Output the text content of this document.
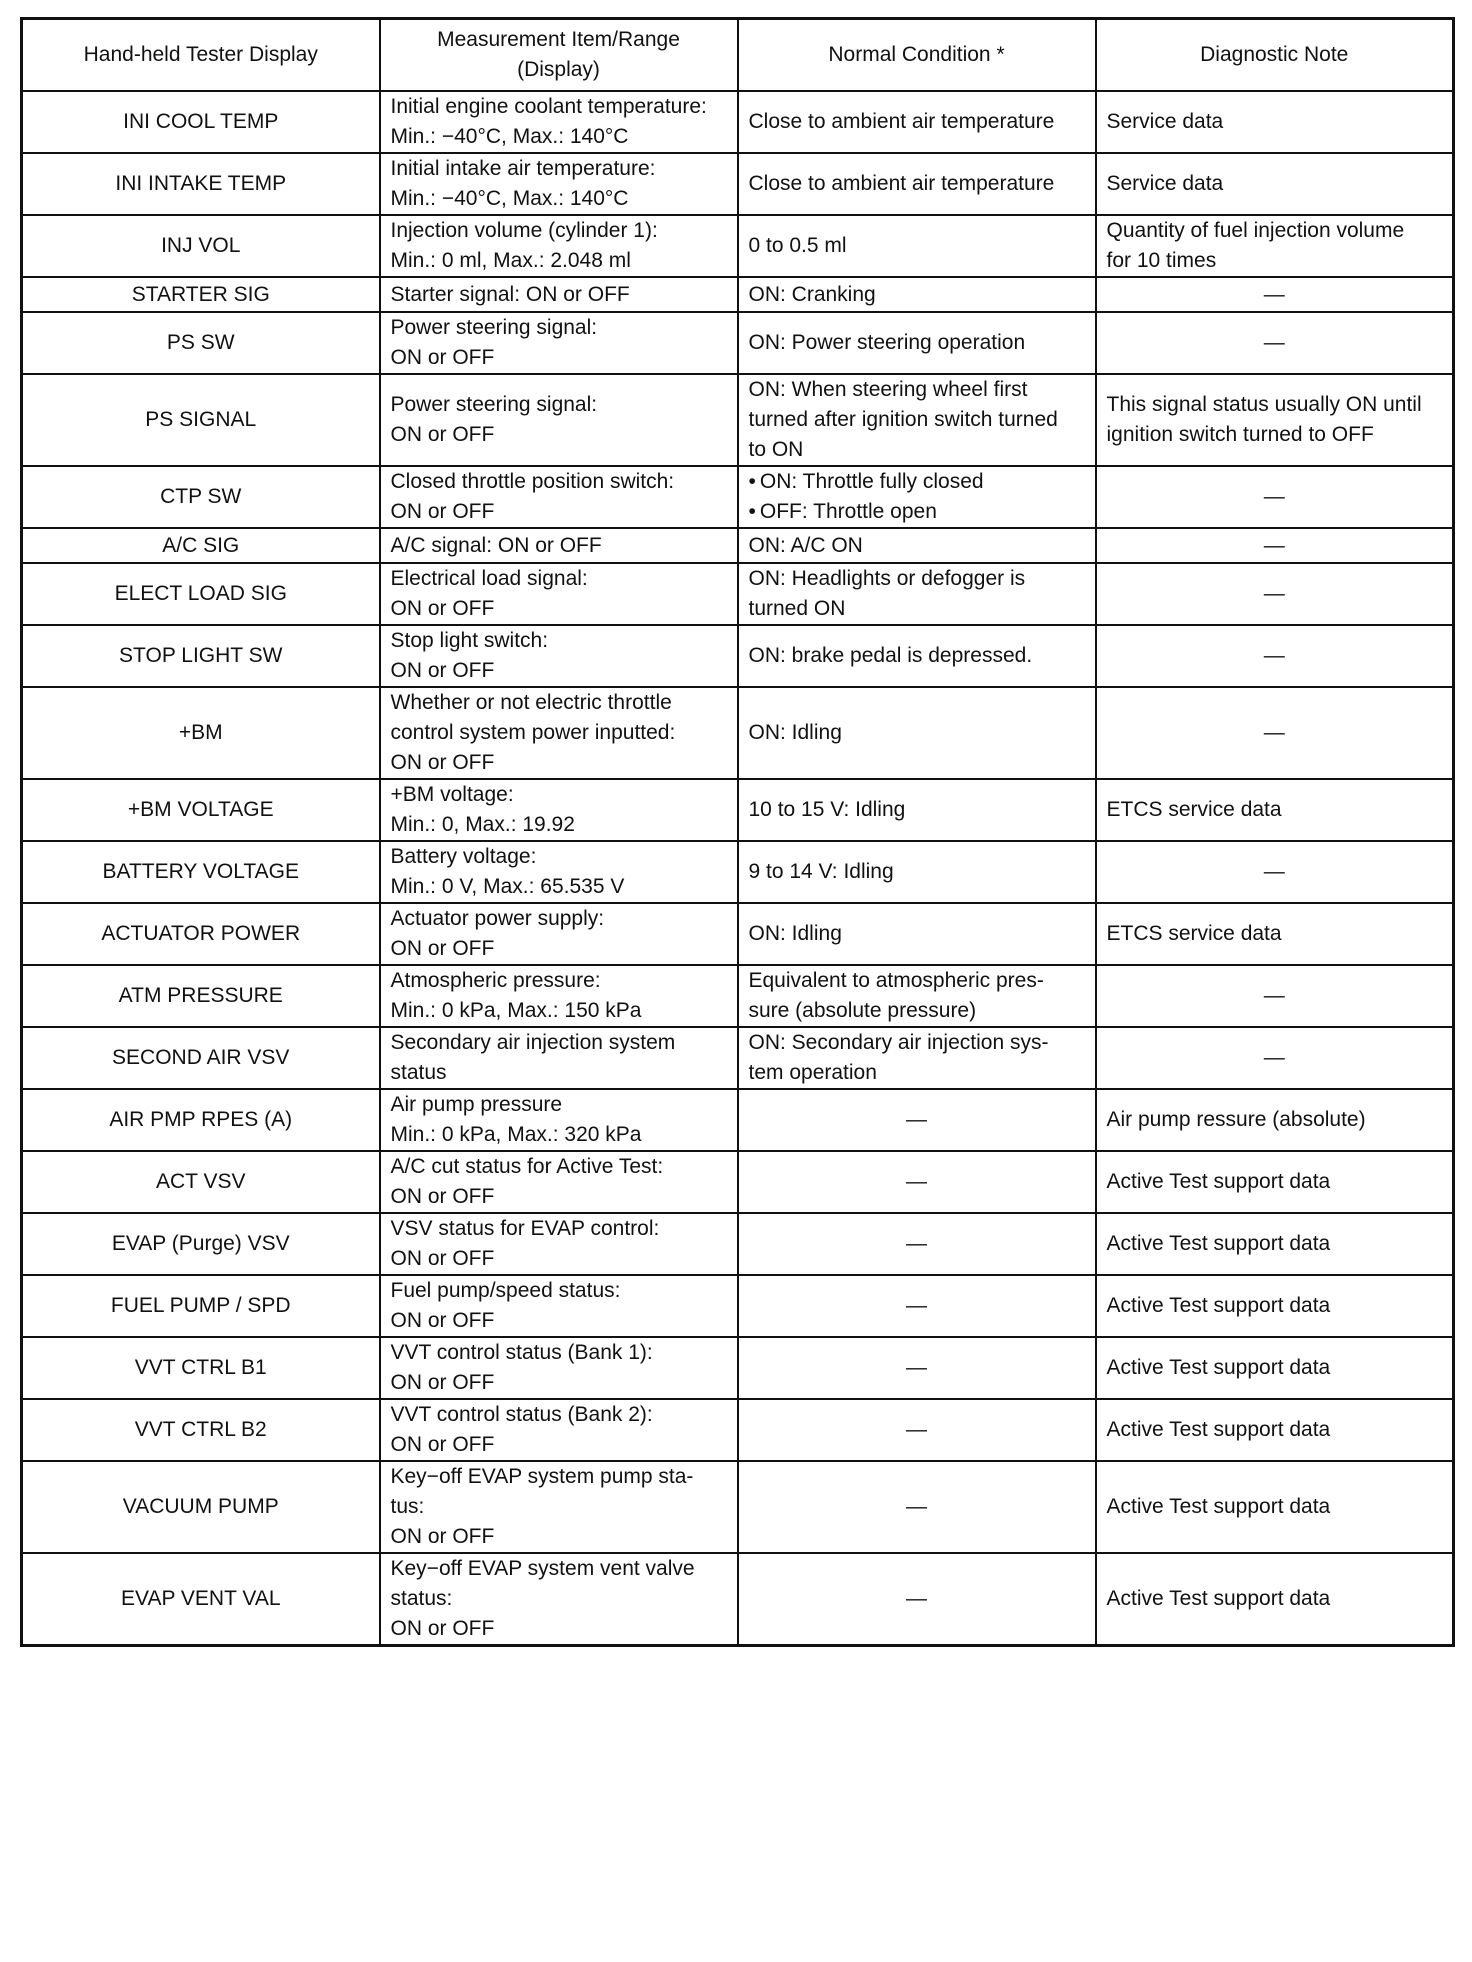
Hand-held Tester Display	Measurement Item/Range
(Display)	Normal Condition *	Diagnostic Note
INI COOL TEMP	Initial engine coolant temperature:
Min.: −40°C, Max.: 140°C	Close to ambient air temperature	Service data

INI INTAKE TEMP	Initial intake air temperature:
Min.: −40°C, Max.: 140°C	Close to ambient air temperature	Service data

INJ VOL	Injection volume (cylinder 1):
Min.: 0 ml, Max.: 2.048 ml	0 to 0.5 ml	Quantity of fuel injection volume
for 10 times

STARTER SIG	Starter signal: ON or OFF	ON: Cranking	—

PS SW	Power steering signal:
ON or OFF	ON: Power steering operation	—

PS SIGNAL	Power steering signal:
ON or OFF	ON: When steering wheel first
turned after ignition switch turned
to ON	This signal status usually ON until
ignition switch turned to OFF

CTP SW	Closed throttle position switch:
ON or OFF	• ON: Throttle fully closed
• OFF: Throttle open	—

A/C SIG	A/C signal: ON or OFF	ON: A/C ON	—

ELECT LOAD SIG	Electrical load signal:
ON or OFF	ON: Headlights or defogger is
turned ON	—

STOP LIGHT SW	Stop light switch:
ON or OFF	ON: brake pedal is depressed.	—

+BM	Whether or not electric throttle
control system power inputted:
ON or OFF	ON: Idling	—

+BM VOLTAGE	+BM voltage:
Min.: 0, Max.: 19.92	10 to 15 V: Idling	ETCS service data

BATTERY VOLTAGE	Battery voltage:
Min.: 0 V, Max.: 65.535 V	9 to 14 V: Idling	—

ACTUATOR POWER	Actuator power supply:
ON or OFF	ON: Idling	ETCS service data

ATM PRESSURE	Atmospheric pressure:
Min.: 0 kPa, Max.: 150 kPa	Equivalent to atmospheric pres-
sure (absolute pressure)	—

SECOND AIR VSV	Secondary air injection system
status	ON: Secondary air injection sys-
tem operation	—

AIR PMP RPES (A)	Air pump pressure
Min.: 0 kPa, Max.: 320 kPa	—	Air pump ressure (absolute)

ACT VSV	A/C cut status for Active Test:
ON or OFF	—	Active Test support data

EVAP (Purge) VSV	VSV status for EVAP control:
ON or OFF	—	Active Test support data

FUEL PUMP / SPD	Fuel pump/speed status:
ON or OFF	—	Active Test support data

VVT CTRL B1	VVT control status (Bank 1):
ON or OFF	—	Active Test support data

VVT CTRL B2	VVT control status (Bank 2):
ON or OFF	—	Active Test support data

VACUUM PUMP	Key−off EVAP system pump sta-
tus:
ON or OFF	—	Active Test support data

EVAP VENT VAL	Key−off EVAP system vent valve
status:
ON or OFF	—	Active Test support data
